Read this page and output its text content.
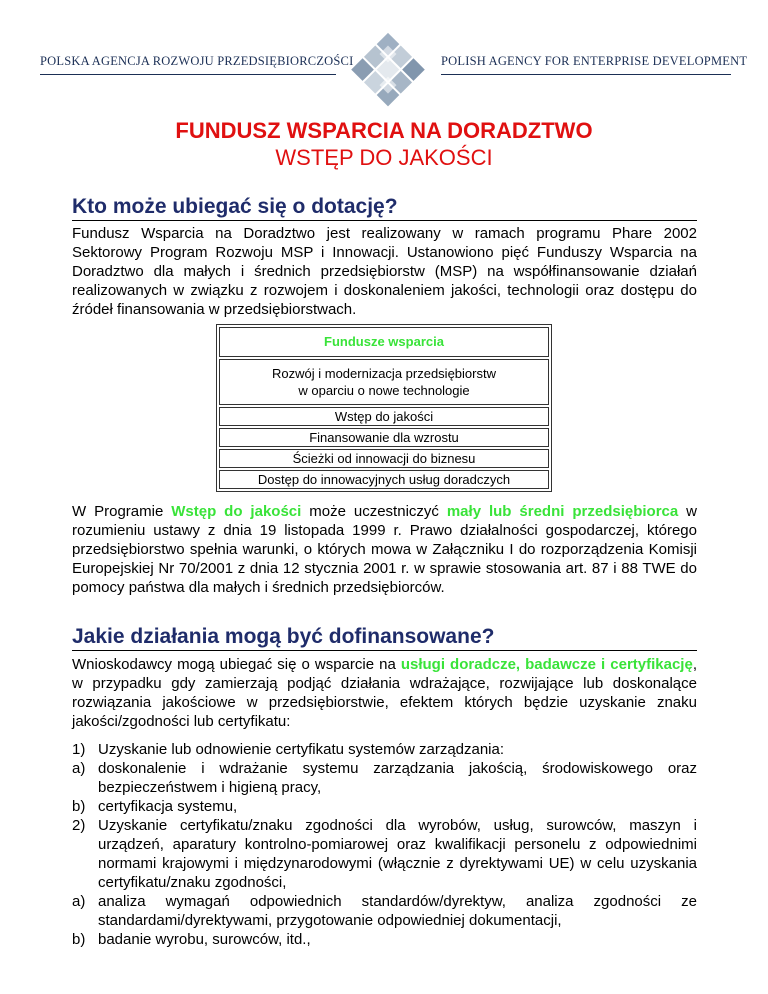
POLSKA AGENCJA ROZWOJU PRZEDSIĘBIORCZOŚCI	POLISH AGENCY FOR ENTERPRISE DEVELOPMENT
FUNDUSZ WSPARCIA NA DORADZTWO
WSTĘP DO JAKOŚCI
Kto może ubiegać się o dotację?

Fundusz Wsparcia na Doradztwo jest realizowany w ramach programu Phare 2002 Sektorowy Program Rozwoju MSP i Innowacji. Ustanowiono pięć Funduszy Wsparcia na Doradztwo dla małych i średnich przedsiębiorstw (MSP) na współfinansowanie działań realizowanych w związku z rozwojem i doskonaleniem jakości, technologii oraz dostępu do źródeł finansowania w przedsiębiorstwach.

Fundusze wsparcia
Rozwój i modernizacja przedsiębiorstw
w oparciu o nowe technologie
Wstęp do jakości
Finansowanie dla wzrostu
Ścieżki od innowacji do biznesu
Dostęp do innowacyjnych usług doradczych

W Programie Wstęp do jakości może uczestniczyć mały lub średni przedsiębiorca w rozumieniu ustawy z dnia 19 listopada 1999 r. Prawo działalności gospodarczej, którego przedsiębiorstwo spełnia warunki, o których mowa w Załączniku I do rozporządzenia Komisji Europejskiej Nr 70/2001 z dnia 12 stycznia 2001 r. w sprawie stosowania art. 87 i 88 TWE do pomocy państwa dla małych i średnich przedsiębiorców.

Jakie działania mogą być dofinansowane?

Wnioskodawcy mogą ubiegać się o wsparcie na usługi doradcze, badawcze i certyfikację, w przypadku gdy zamierzają podjąć działania wdrażające, rozwijające lub doskonalące rozwiązania jakościowe w przedsiębiorstwie, efektem których będzie uzyskanie znaku jakości/zgodności lub certyfikatu:

1) Uzyskanie lub odnowienie certyfikatu systemów zarządzania:
a) doskonalenie i wdrażanie systemu zarządzania jakością, środowiskowego oraz bezpieczeństwem i higieną pracy,
b) certyfikacja systemu,
2) Uzyskanie certyfikatu/znaku zgodności dla wyrobów, usług, surowców, maszyn i urządzeń, aparatury kontrolno-pomiarowej oraz kwalifikacji personelu z odpowiednimi normami krajowymi i międzynarodowymi (włącznie z dyrektywami UE) w celu uzyskania certyfikatu/znaku zgodności,
a) analiza wymagań odpowiednich standardów/dyrektyw, analiza zgodności ze standardami/dyrektywami, przygotowanie odpowiedniej dokumentacji,
b) badanie wyrobu, surowców, itd.,
